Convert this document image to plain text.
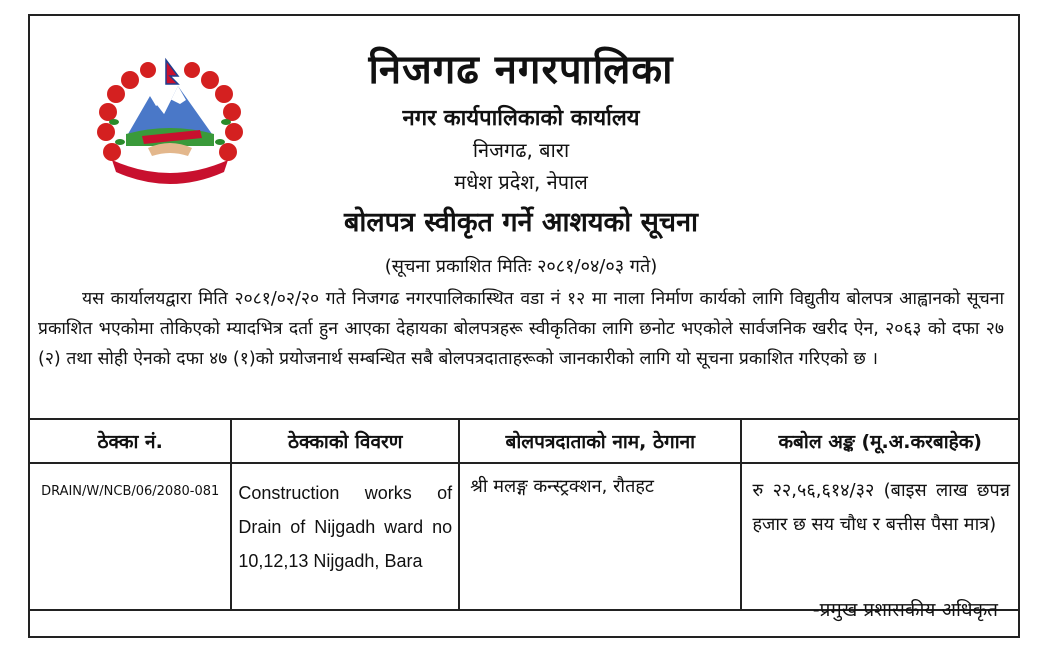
निजगढ नगरपालिका
नगर कार्यपालिकाको कार्यालय
निजगढ, बारा
मधेश प्रदेश, नेपाल
बोलपत्र स्वीकृत गर्ने आशयको सूचना
(सूचना प्रकाशित मितिः २०८१/०४/०३ गते)
यस कार्यालयद्वारा मिति २०८१/०२/२० गते निजगढ नगरपालिकास्थित वडा नं १२ मा नाला निर्माण कार्यको लागि विद्युतीय बोलपत्र आह्वानको सूचना प्रकाशित भएकोमा तोकिएको म्यादभित्र दर्ता हुन आएका देहायका बोलपत्रहरू स्वीकृतिका लागि छनोट भएकोले सार्वजनिक खरीद ऐन, २०६३ को दफा २७ (२) तथा सोही ऐनको दफा ४७ (१)को प्रयोजनार्थ सम्बन्धित सबै बोलपत्रदाताहरूको जानकारीको लागि यो सूचना प्रकाशित गरिएको छ ।
ठेक्का नं.	ठेक्काको विवरण	बोलपत्रदाताको नाम, ठेगाना	कबोल अङ्क (मू.अ.करबाहेक)
DRAIN/W/NCB/06/2080-081	Construction works of Drain of Nijgadh ward no 10,12,13 Nijgadh, Bara	श्री मलङ्ग कन्स्ट्रक्शन, रौतहट	रु २२,५६,६१४/३२ (बाइस लाख छपन्न हजार छ सय चौध र बत्तीस पैसा मात्र)
-प्रमुख प्रशासकीय अधिकृत
